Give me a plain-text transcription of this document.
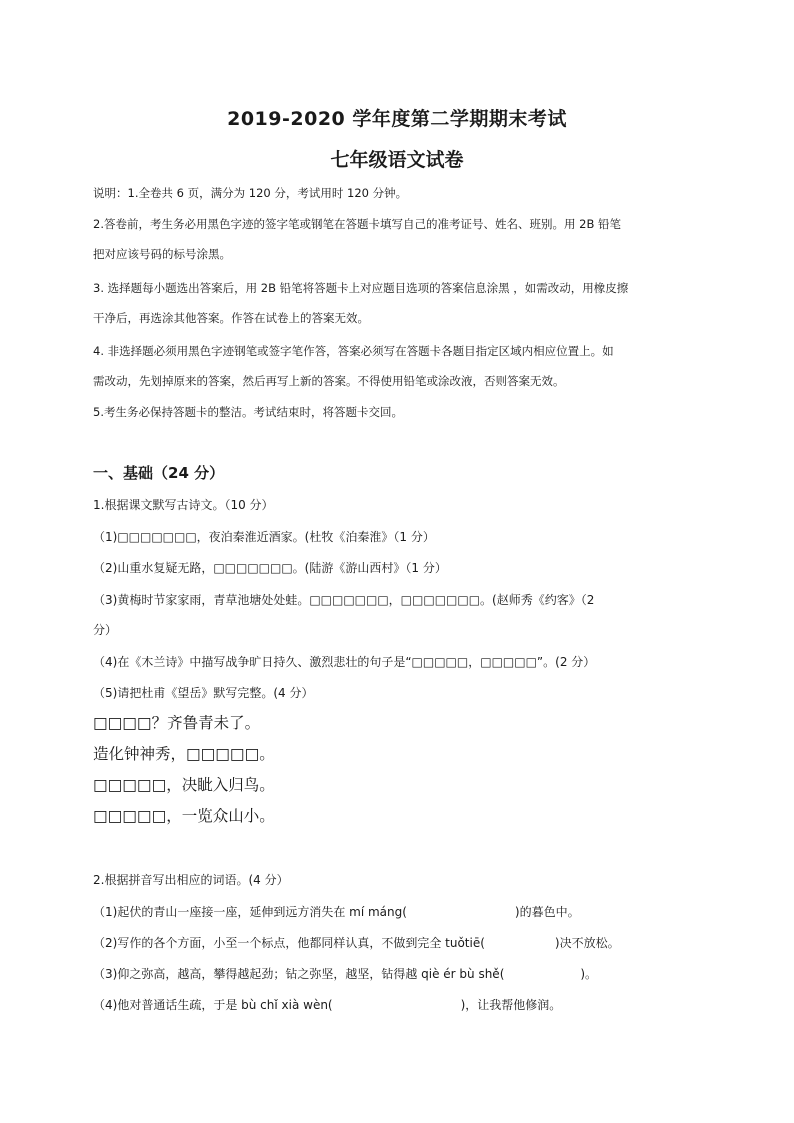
2019-2020 学年度第二学期期末考试
七年级语文试卷
说明：1.全卷共 6 页，满分为 120 分，考试用时 120 分钟。
2.答卷前，考生务必用黑色字迹的签字笔或钢笔在答题卡填写自己的准考证号、姓名、班别。用 2B 铅笔
把对应该号码的标号涂黑。
3. 选择题每小题选出答案后，用 2B 铅笔将答题卡上对应题目选项的答案信息涂黑 ，如需改动，用橡皮擦
干净后，再选涂其他答案。作答在试卷上的答案无效。
4. 非选择题必须用黑色字迹钢笔或签字笔作答，答案必须写在答题卡各题目指定区域内相应位置上。如
需改动，先划掉原来的答案，然后再写上新的答案。不得使用铅笔或涂改液，否则答案无效。
5.考生务必保持答题卡的整洁。考试结束时，将答题卡交回。
一、基础（24 分）
1.根据课文默写古诗文。（10 分）
（1)□□□□□□□，夜泊秦淮近酒家。(杜牧《泊秦淮》（1 分）
（2)山重水复疑无路，□□□□□□□。(陆游《游山西村》（1 分）
（3)黄梅时节家家雨，青草池塘处处蛙。□□□□□□□，□□□□□□□。(赵师秀《约客》（2
分）
（4)在《木兰诗》中描写战争旷日持久、激烈悲壮的句子是“□□□□□，□□□□□”。(2 分）
（5)请把杜甫《望岳》默写完整。(4 分）
□□□□？齐鲁青未了。
造化钟神秀，□□□□□。
□□□□□，决眦入归鸟。
□□□□□，一览众山小。
2.根据拼音写出相应的词语。(4 分）
（1)起伏的青山一座接一座，延伸到远方消失在 mí máng(	)的暮色中。
（2)写作的各个方面，小至一个标点，他都同样认真，不做到完全 tuǒtiē(	)决不放松。
（3)仰之弥高，越高，攀得越起劲；钻之弥坚，越坚，钻得越 qiè ér bù shě(	)。
（4)他对普通话生疏，于是 bù chǐ xià wèn(	)，让我帮他修润。
